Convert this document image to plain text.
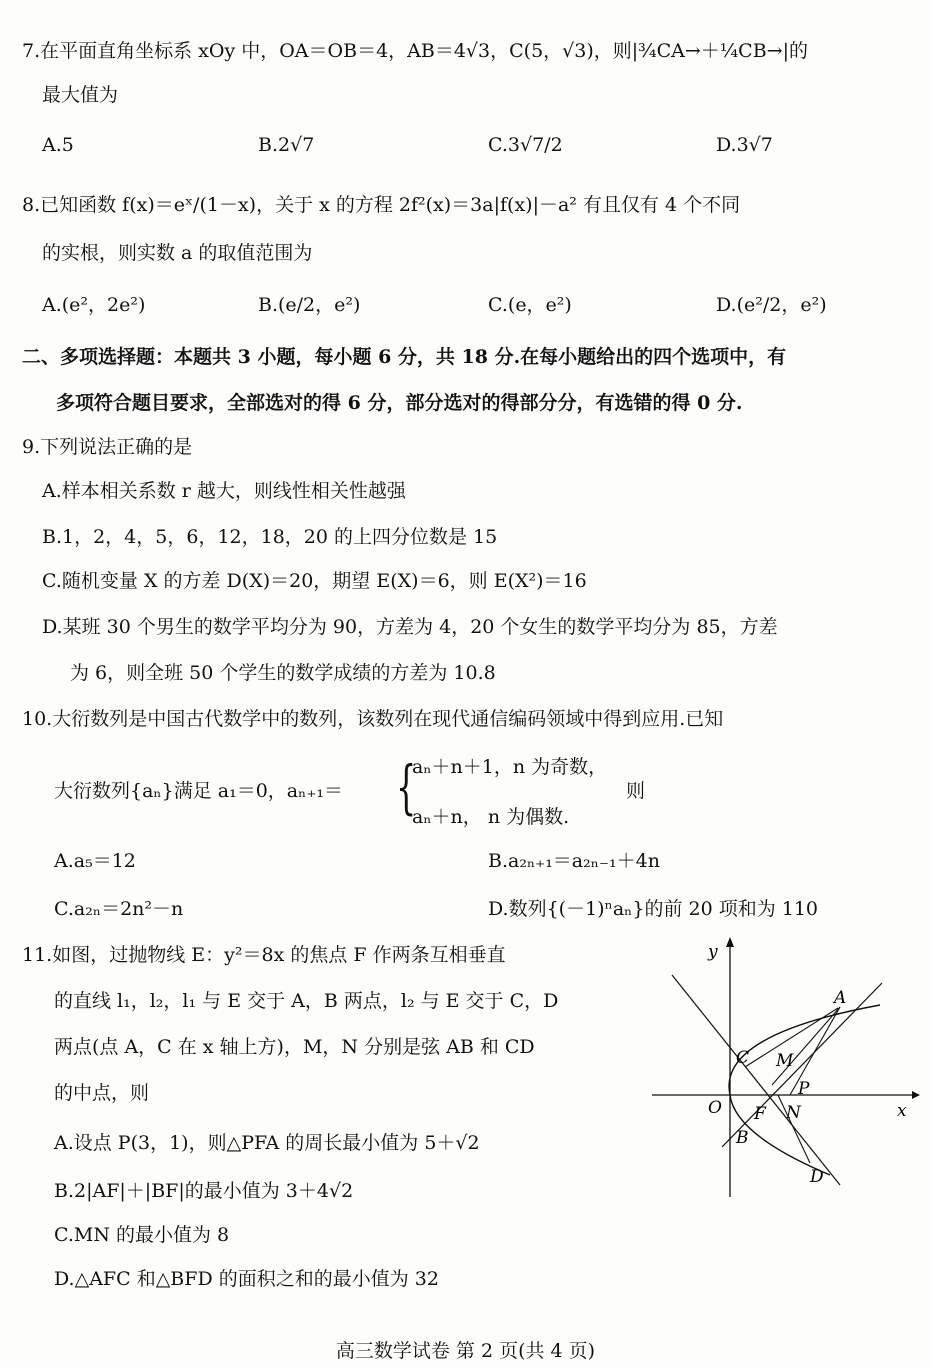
7.在平面直角坐标系 xOy 中，OA＝OB＝4，AB＝4√3，C(5，√3)，则|¾CA→＋¼CB→|的
最大值为
A.5	B.2√7	C.3√7/2	D.3√7
8.已知函数 f(x)＝eˣ/(1－x)，关于 x 的方程 2f²(x)＝3a|f(x)|－a² 有且仅有 4 个不同
的实根，则实数 a 的取值范围为
A.(e²，2e²)	B.(e/2，e²)	C.(e，e²)	D.(e²/2，e²)
二、多项选择题：本题共 3 小题，每小题 6 分，共 18 分.在每小题给出的四个选项中，有
多项符合题目要求，全部选对的得 6 分，部分选对的得部分分，有选错的得 0 分.
9.下列说法正确的是
A.样本相关系数 r 越大，则线性相关性越强
B.1，2，4，5，6，12，18，20 的上四分位数是 15
C.随机变量 X 的方差 D(X)＝20，期望 E(X)＝6，则 E(X²)＝16
D.某班 30 个男生的数学平均分为 90，方差为 4，20 个女生的数学平均分为 85，方差
为 6，则全班 50 个学生的数学成绩的方差为 10.8
10.大衍数列是中国古代数学中的数列，该数列在现代通信编码领域中得到应用.已知
大衍数列{aₙ}满足 a₁＝0，aₙ₊₁＝ {
aₙ＋n＋1，n 为奇数，
aₙ＋n， n 为偶数.
则
A.a₅＝12	B.a₂ₙ₊₁＝a₂ₙ₋₁＋4n
C.a₂ₙ＝2n²－n	D.数列{(－1)ⁿaₙ}的前 20 项和为 110
11.如图，过抛物线 E：y²＝8x 的焦点 F 作两条互相垂直
的直线 l₁，l₂，l₁ 与 E 交于 A，B 两点，l₂ 与 E 交于 C，D
两点(点 A，C 在 x 轴上方)，M，N 分别是弦 AB 和 CD
的中点，则
A.设点 P(3，1)，则△PFA 的周长最小值为 5＋√2
B.2|AF|＋|BF|的最小值为 3＋4√2
C.MN 的最小值为 8
D.△AFC 和△BFD 的面积之和的最小值为 32
y
x
O
A
B
C
D
M
N
P
F
高三数学试卷 第 2 页(共 4 页)
